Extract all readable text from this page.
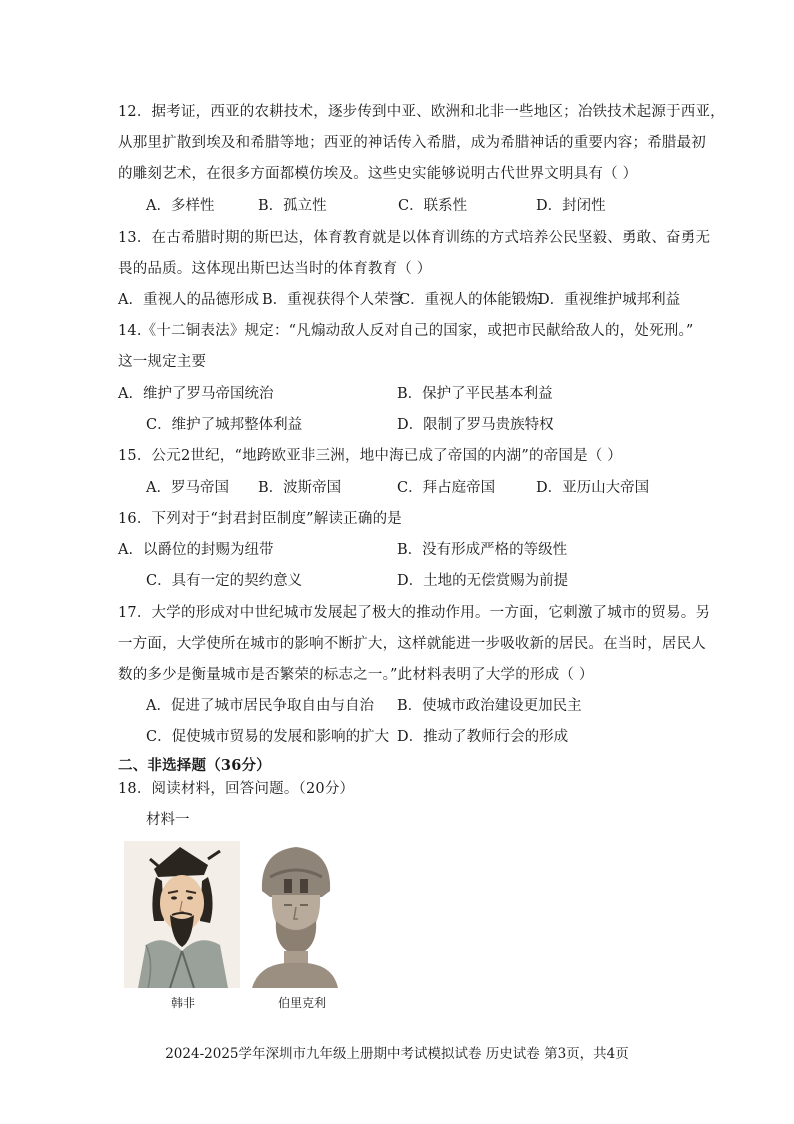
12．据考证，西亚的农耕技术，逐步传到中亚、欧洲和北非一些地区；冶铁技术起源于西亚，
从那里扩散到埃及和希腊等地；西亚的神话传入希腊，成为希腊神话的重要内容；希腊最初
的雕刻艺术，在很多方面都模仿埃及。这些史实能够说明古代世界文明具有（ ）
A．多样性	B．孤立性	C．联系性	D．封闭性
13．在古希腊时期的斯巴达，体育教育就是以体育训练的方式培养公民坚毅、勇敢、奋勇无
畏的品质。这体现出斯巴达当时的体育教育（ ）
A．重视人的品德形成 B．重视获得个人荣誉
C．重视人的体能锻炼
D．重视维护城邦利益
14.《十二铜表法》规定：“凡煽动敌人反对自己的国家，或把市民献给敌人的，处死刑。”
这一规定主要
A．维护了罗马帝国统治	B．保护了平民基本利益
C．维护了城邦整体利益	D．限制了罗马贵族特权
15．公元2世纪，“地跨欧亚非三洲，地中海已成了帝国的内湖”的帝国是（ ）
A．罗马帝国 B．波斯帝国	C．拜占庭帝国	D．亚历山大帝国
16．下列对于“封君封臣制度”解读正确的是
A．以爵位的封赐为纽带	B．没有形成严格的等级性
C．具有一定的契约意义	D．土地的无偿赏赐为前提
17．大学的形成对中世纪城市发展起了极大的推动作用。一方面，它刺激了城市的贸易。另
一方面，大学使所在城市的影响不断扩大，这样就能进一步吸收新的居民。在当时，居民人
数的多少是衡量城市是否繁荣的标志之一。”此材料表明了大学的形成（ ）
A．促进了城市居民争取自由与自治 B．使城市政治建设更加民主
C．促使城市贸易的发展和影响的扩大 D．推动了教师行会的形成
二、非选择题（36分）
18．阅读材料，回答问题。（20分）
材料一
韩非	伯里克利
2024-2025学年深圳市九年级上册期中考试模拟试卷 历史试卷 第3页，共4页
